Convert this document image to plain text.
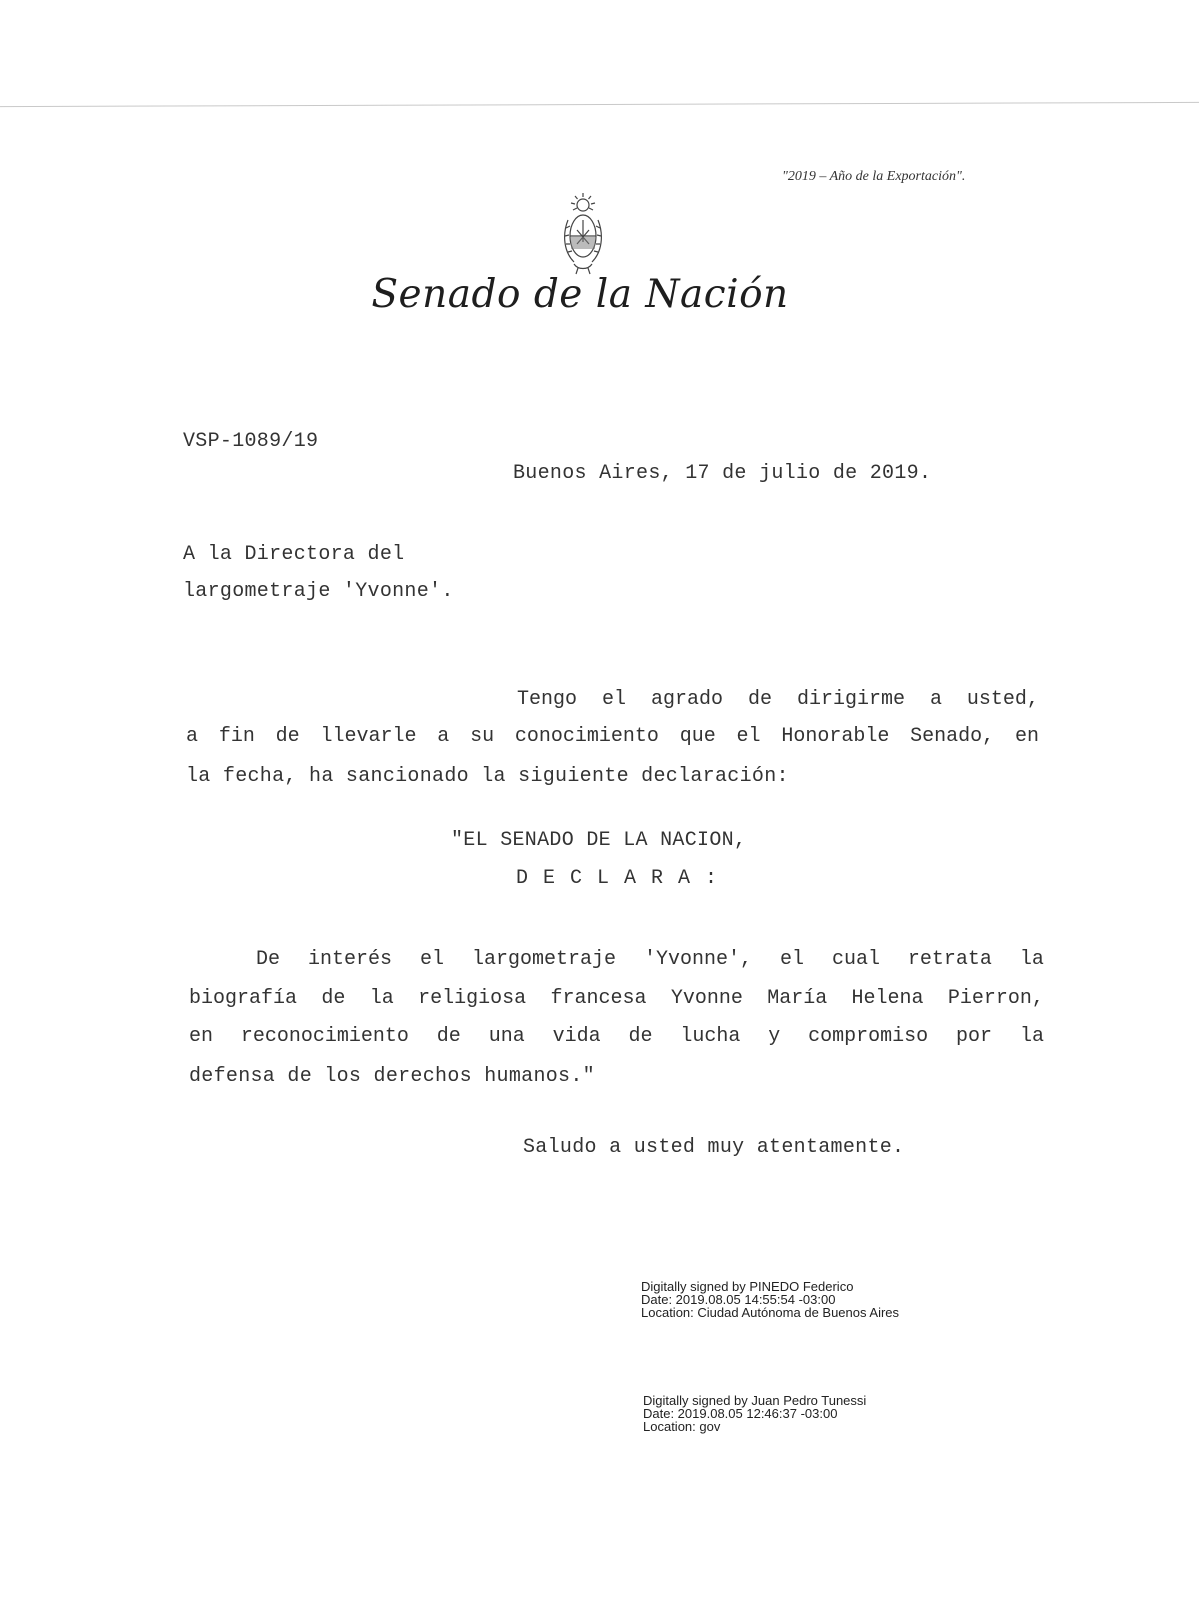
"2019 – Año de la Exportación".
Senado de la Nación
VSP-1089/19
Buenos Aires, 17 de julio de 2019.
A la Directora del
largometraje 'Yvonne'.
Tengo el agrado de dirigirme a usted,
a fin de llevarle a su conocimiento que el Honorable Senado, en
la fecha, ha sancionado la siguiente declaración:
"EL SENADO DE LA NACION,
DECLARA:
De interés el largometraje 'Yvonne', el cual retrata la
biografía de la religiosa francesa Yvonne María Helena Pierron,
en reconocimiento de una vida de lucha y compromiso por la
defensa de los derechos humanos."
Saludo a usted muy atentamente.
Digitally signed by PINEDO Federico
Date: 2019.08.05 14:55:54 -03:00
Location: Ciudad Autónoma de Buenos Aires
Digitally signed by Juan Pedro Tunessi
Date: 2019.08.05 12:46:37 -03:00
Location: gov
